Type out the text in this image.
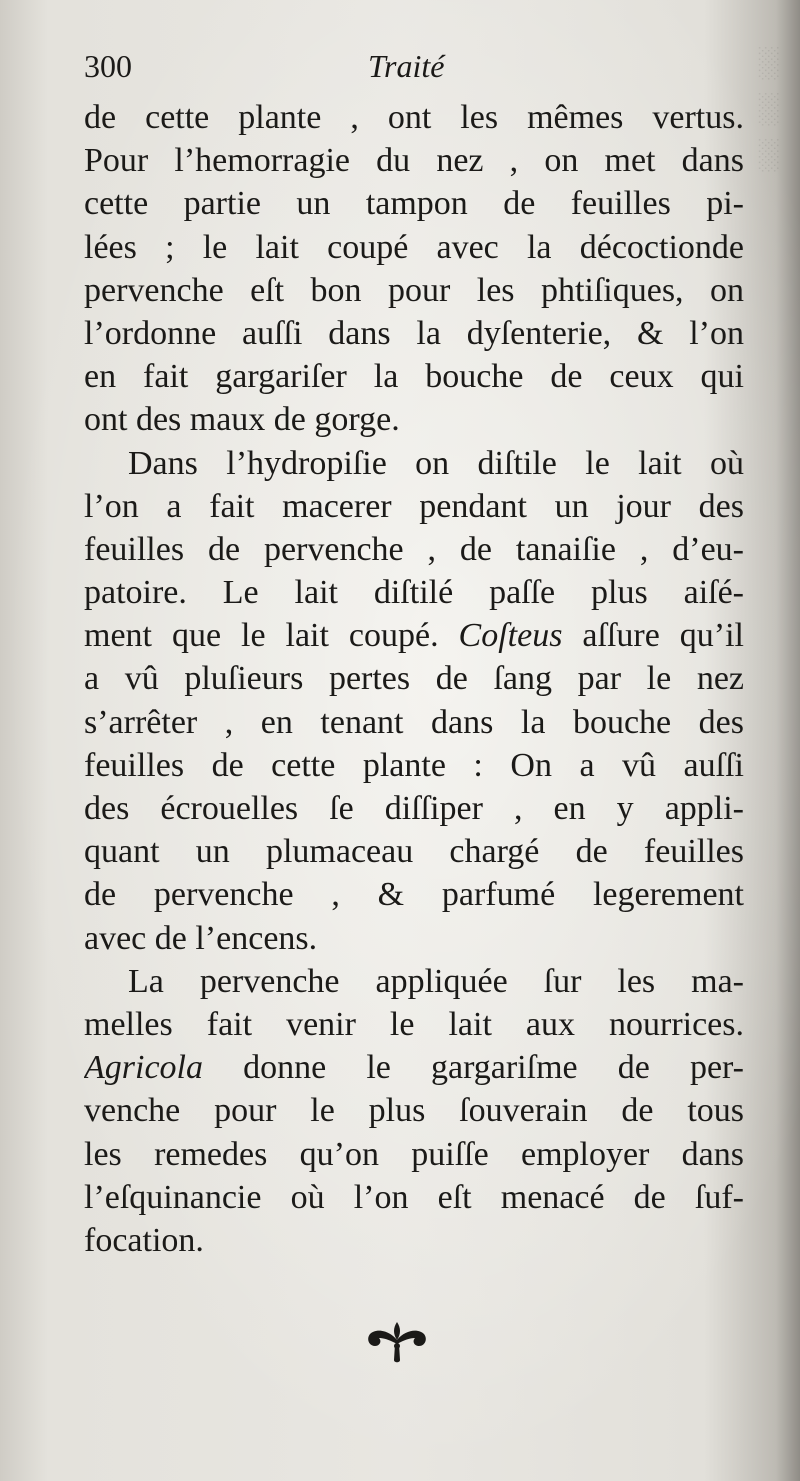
░
░
░
300	Traité
de cette plante , ont les mêmes vertus.
Pour l’hemorragie du nez , on met dans
cette partie un tampon de feuilles pi-
lées ; le lait coupé avec la décoctionde
pervenche eſt bon pour les phtiſiques, on
l’ordonne auſſi dans la dyſenterie, & l’on
en fait gargariſer la bouche de ceux qui
ont des maux de gorge.
Dans l’hydropiſie on diſtile le lait où
l’on a fait macerer pendant un jour des
feuilles de pervenche , de tanaiſie , d’eu-
patoire. Le lait diſtilé paſſe plus aiſé-
ment que le lait coupé. Coſteus aſſure qu’il
a vû pluſieurs pertes de ſang par le nez
s’arrêter , en tenant dans la bouche des
feuilles de cette plante : On a vû auſſi
des écrouelles ſe diſſiper , en y appli-
quant un plumaceau chargé de feuilles
de pervenche , & parfumé legerement
avec de l’encens.
La pervenche appliquée ſur les ma-
melles fait venir le lait aux nourrices.
Agricola donne le gargariſme de per-
venche pour le plus ſouverain de tous
les remedes qu’on puiſſe employer dans
l’eſquinancie où l’on eſt menacé de ſuf-
focation.
